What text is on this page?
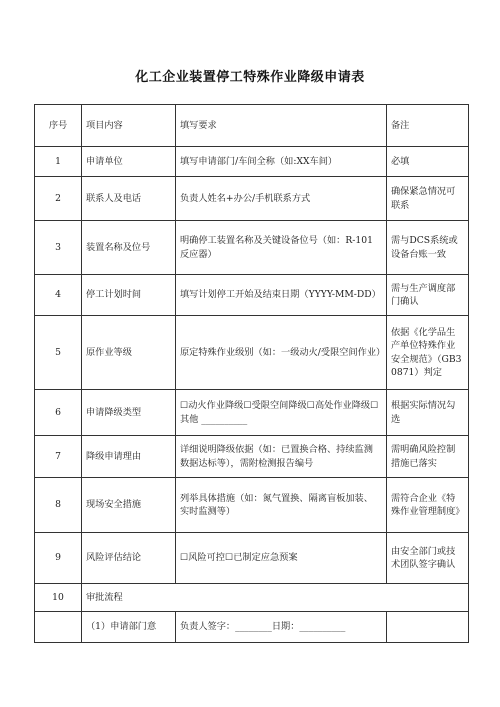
化工企业装置停工特殊作业降级申请表
序号	项目内容	填写要求	备注
1	申请单位	填写申请部门/车间全称（如:XX车间）	必填
2	联系人及电话	负责人姓名+办公/手机联系方式	确保紧急情况可联系
3	装置名称及位号	明确停工装置名称及关键设备位号（如：R-101反应器）	需与DCS系统或设备台账一致
4	停工计划时间	填写计划停工开始及结束日期（YYYY-MM-DD）	需与生产调度部门确认
5	原作业等级	原定特殊作业级别（如：一级动火/受限空间作业）	依据《化学品生产单位特殊作业安全规范》（GB30871）判定
6	申请降级类型	☐动火作业降级☐受限空间降级☐高处作业降级☐其他 __________	根据实际情况勾选
7	降级申请理由	详细说明降级依据（如：已置换合格、持续监测数据达标等），需附检测报告编号	需明确风险控制措施已落实
8	现场安全措施	列举具体措施（如：氮气置换、隔离盲板加装、实时监测等）	需符合企业《特殊作业管理制度》
9	风险评估结论	☐风险可控☐已制定应急预案	由安全部门或技术团队签字确认
10	审批流程		
	（1）申请部门意	负责人签字：________日期：__________	
